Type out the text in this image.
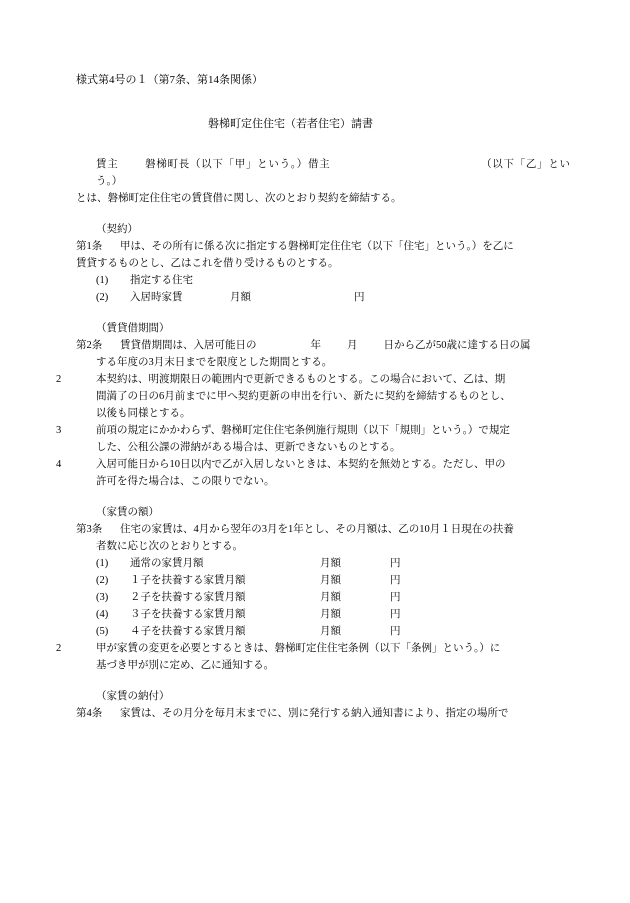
様式第4号の１（第7条、第14条関係）
磐梯町定住住宅（若者住宅）請書
賃主 磐梯町長（以下「甲」という。）借主	（以下「乙」という。）
とは、磐梯町定住住宅の賃貸借に関し、次のとおり契約を締結する。
（契約）
第1条 甲は、その所有に係る次に指定する磐梯町定住住宅（以下「住宅」という。）を乙に
賃貸するものとし、乙はこれを借り受けるものとする。
(1)	指定する住宅
(2)	入居時家賃	月額	円
（賃貸借期間）
第2条 賃貸借期間は、入居可能日の	年 月 日から乙が50歳に達する日の属
する年度の3月末日までを限度とした期間とする。
2	本契約は、明渡期限日の範囲内で更新できるものとする。この場合において、乙は、期
間満了の日の6月前までに甲へ契約更新の申出を行い、新たに契約を締結するものとし、
以後も同様とする。
3	前項の規定にかかわらず、磐梯町定住住宅条例施行規則（以下「規則」という。）で規定
した、公租公課の滞納がある場合は、更新できないものとする。
4	入居可能日から10日以内で乙が入居しないときは、本契約を無効とする。ただし、甲の
許可を得た場合は、この限りでない。
（家賃の額）
第3条 住宅の家賃は、4月から翌年の3月を1年とし、その月額は、乙の10月１日現在の扶養
者数に応じ次のとおりとする。
(1)	通常の家賃月額	月額	円
(2)	１子を扶養する家賃月額	月額	円
(3)	２子を扶養する家賃月額	月額	円
(4)	３子を扶養する家賃月額	月額	円
(5)	４子を扶養する家賃月額	月額	円
2	甲が家賃の変更を必要とするときは、磐梯町定住住宅条例（以下「条例」という。）に
基づき甲が別に定め、乙に通知する。
（家賃の納付）
第4条 家賃は、その月分を毎月末までに、別に発行する納入通知書により、指定の場所で
